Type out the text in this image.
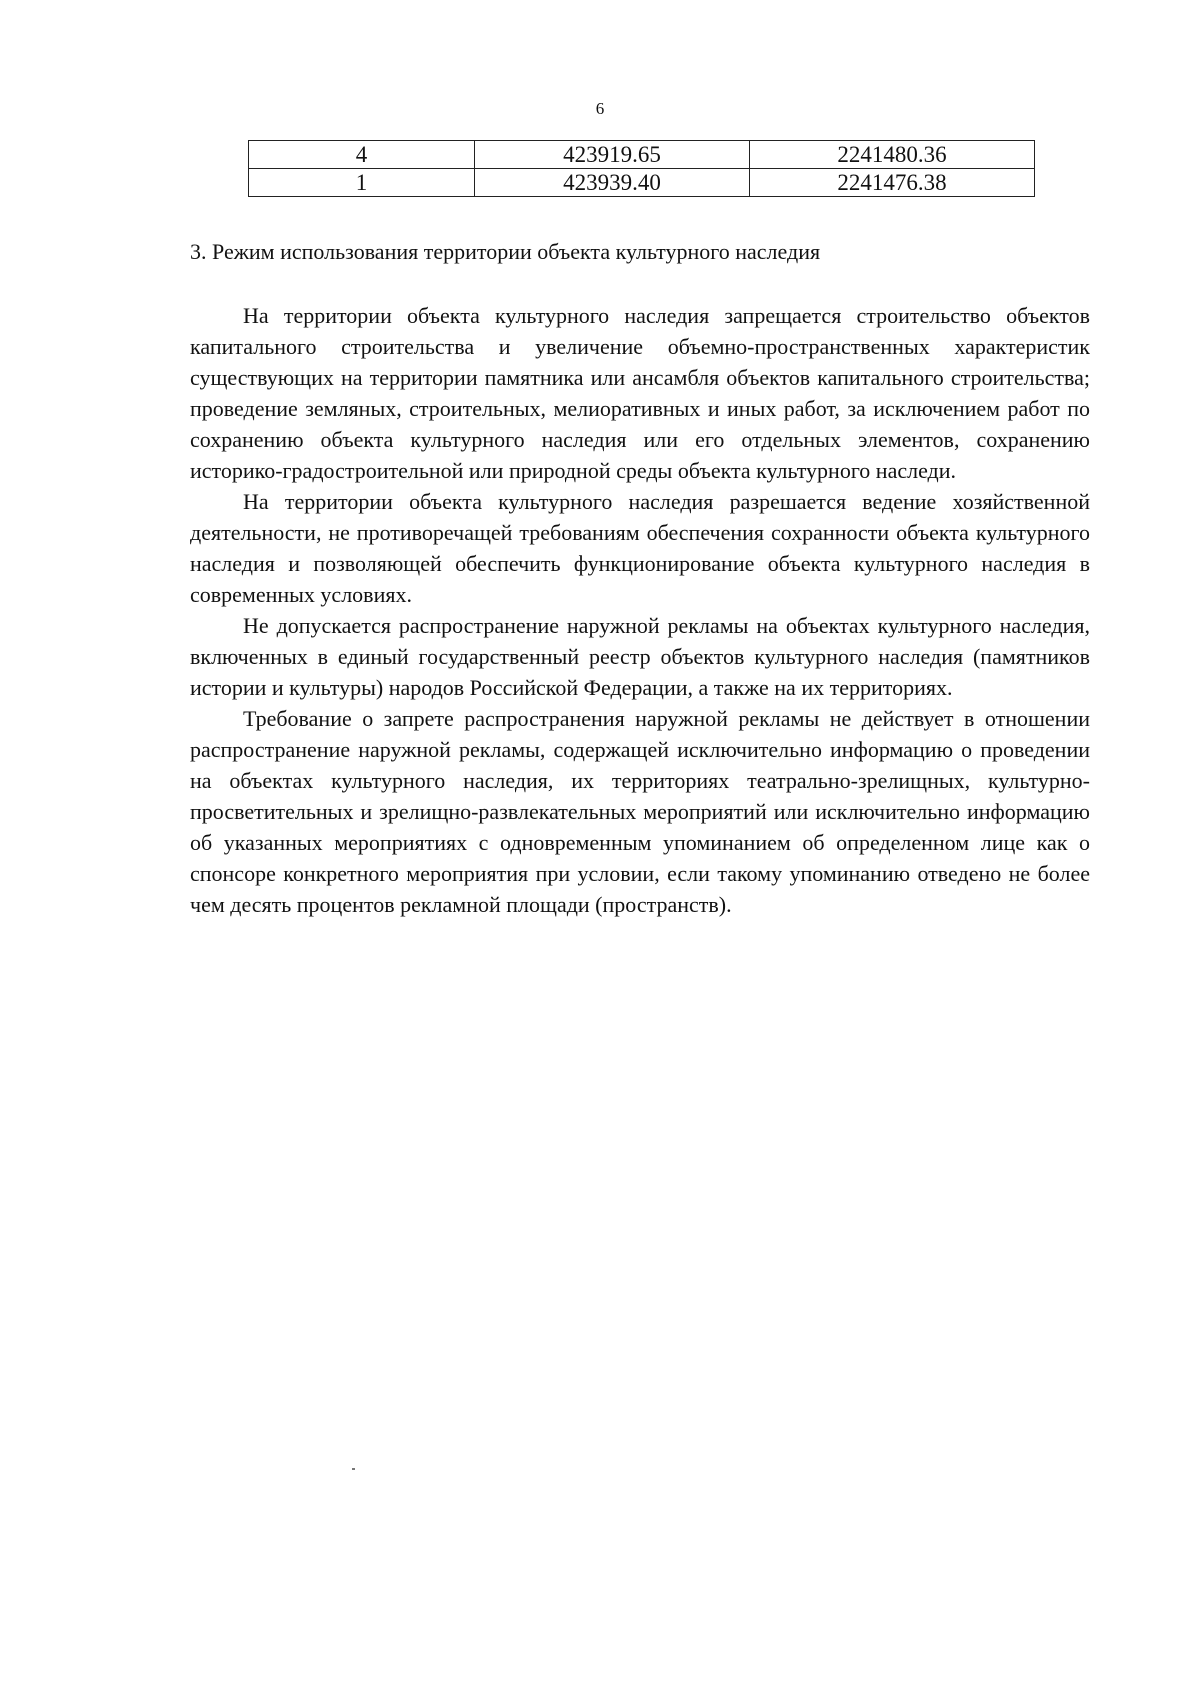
6
4	423919.65	2241480.36
1	423939.40	2241476.38
3. Режим использования территории объекта культурного наследия

На территории объекта культурного наследия запрещается строительство объектов капитального строительства и увеличение объемно-пространственных характеристик существующих на территории памятника или ансамбля объектов капитального строительства; проведение земляных, строительных, мелиоративных и иных работ, за исключением работ по сохранению объекта культурного наследия или его отдельных элементов, сохранению историко-градостроительной или природной среды объекта культурного наследи.

На территории объекта культурного наследия разрешается ведение хозяйственной деятельности, не противоречащей требованиям обеспечения сохранности объекта культурного наследия и позволяющей обеспечить функционирование объекта культурного наследия в современных условиях.

Не допускается распространение наружной рекламы на объектах культурного наследия, включенных в единый государственный реестр объектов культурного наследия (памятников истории и культуры) народов Российской Федерации, а также на их территориях.

Требование о запрете распространения наружной рекламы не действует в отношении распространение наружной рекламы, содержащей исключительно информацию о проведении на объектах культурного наследия, их территориях театрально-зрелищных, культурно-просветительных и зрелищно-развлекательных мероприятий или исключительно информацию об указанных мероприятиях с одновременным упоминанием об определенном лице как о спонсоре конкретного мероприятия при условии, если такому упоминанию отведено не более чем десять процентов рекламной площади (пространств).
